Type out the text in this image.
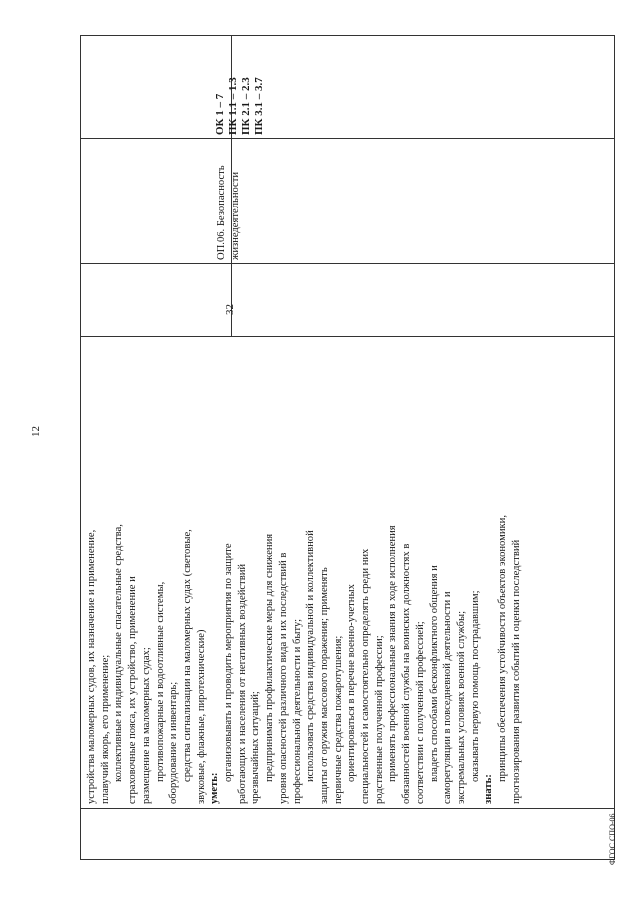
12

устройства маломерных судов, их назначение и применение, плавучий якорь, его применение; коллективные и индивидуальные спасательные средства, страховочные пояса, их устройство, применение и размещение на маломерных судах; противопожарные и водоотливные системы, оборудование и инвентарь; средства сигнализации на маломерных судах (световые, звуковые, флажные, пиротехнические) уметь:

организовывать и проводить мероприятия по защите работающих и населения от негативных воздействий чрезвычайных ситуаций; предпринимать профилактические меры для снижения уровня опасностей различного вида и их последствий в профессиональной деятельности и быту; использовать средства индивидуальной и коллективной защиты от оружия массового поражения; применять первичные средства пожаротушения; ориентироваться в перечне военно-учетных специальностей и самостоятельно определять среди них родственные полученной профессии; применять профессиональные знания в ходе исполнения обязанностей военной службы на воинских должностях в соответствии с полученной профессией; владеть способами бесконфликтного общения и саморегуляции в повседневной деятельности и экстремальных условиях военной службы; оказывать первую помощь пострадавшим;

знать:

принципы обеспечения устойчивости объектов экономики, прогнозирования развития событий и оценки последствий

32
ОП.06. Безопасность жизнедеятельности
ОК 1 – 7 ПК 1.1 – 1.3 ПК 2.1 – 2.3 ПК 3.1 – 3.7
ФГОС СПО-06
